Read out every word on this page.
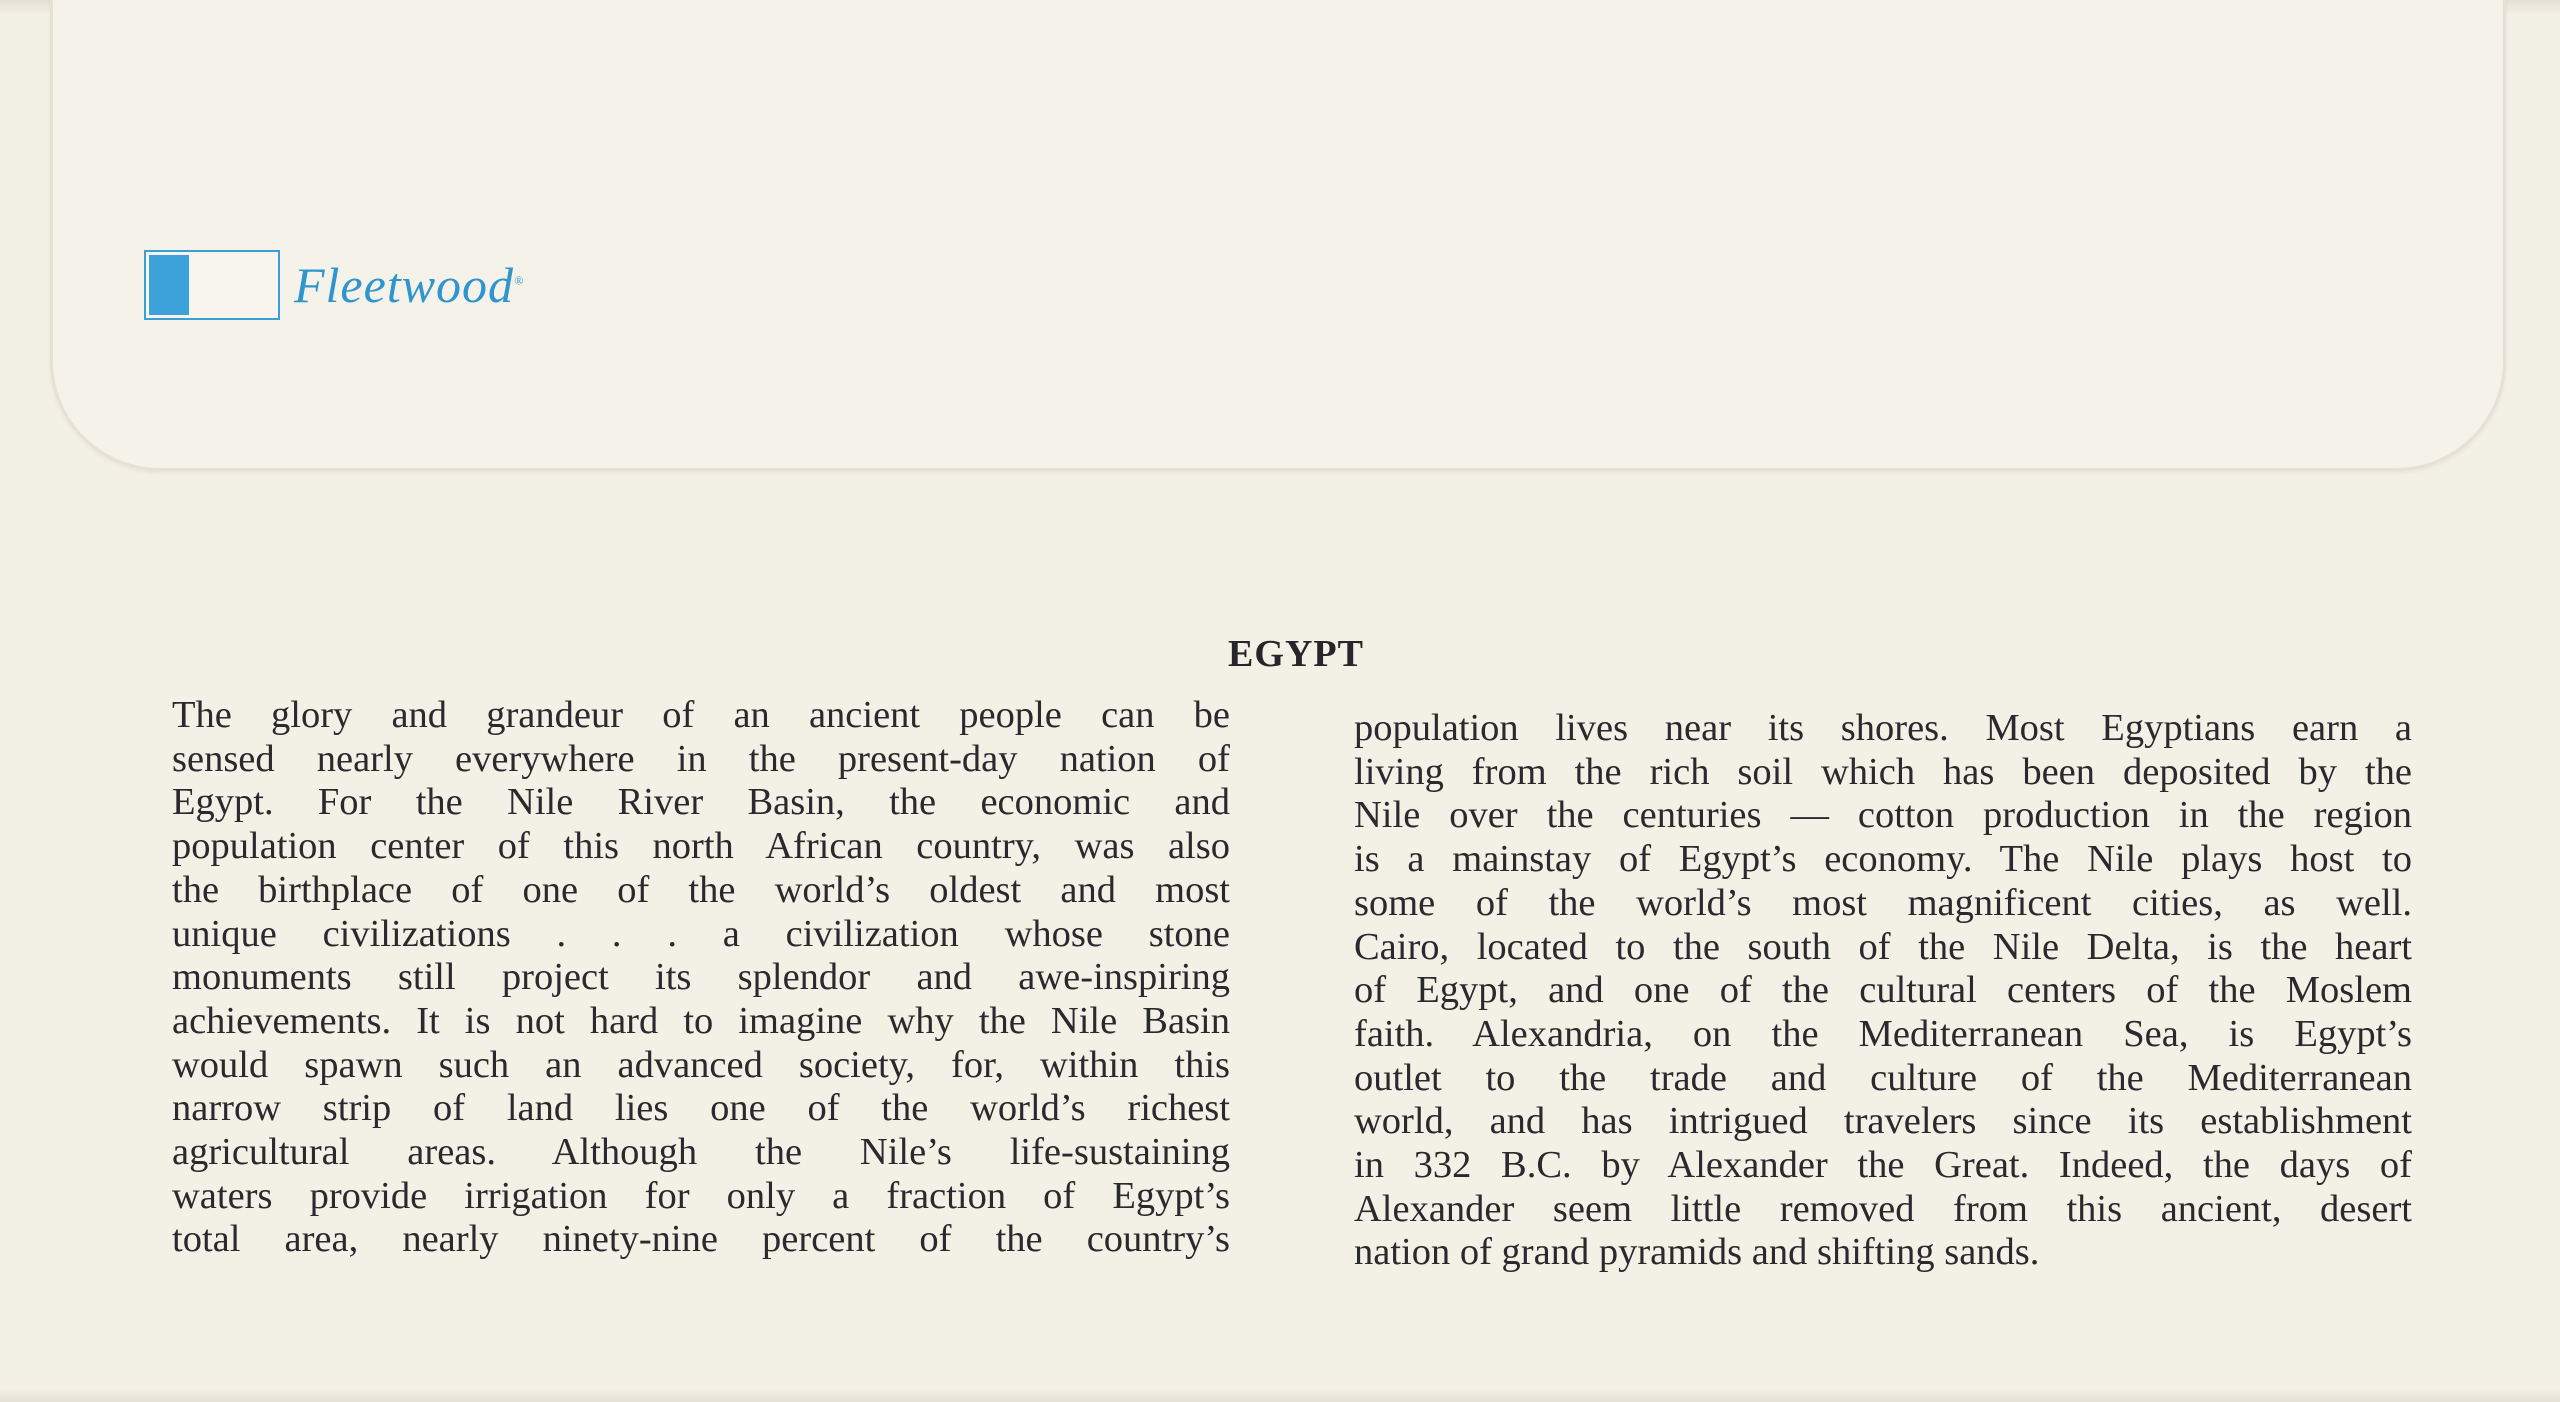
Fleetwood®
EGYPT
The glory and grandeur of an ancient people can be
sensed nearly everywhere in the present-day nation of
Egypt. For the Nile River Basin, the economic and
population center of this north African country, was also
the birthplace of one of the world’s oldest and most
unique civilizations . . . a civilization whose stone
monuments still project its splendor and awe-inspiring
achievements. It is not hard to imagine why the Nile Basin
would spawn such an advanced society, for, within this
narrow strip of land lies one of the world’s richest
agricultural areas. Although the Nile’s life-sustaining
waters provide irrigation for only a fraction of Egypt’s
total area, nearly ninety-nine percent of the country’s
population lives near its shores. Most Egyptians earn a
living from the rich soil which has been deposited by the
Nile over the centuries — cotton production in the region
is a mainstay of Egypt’s economy. The Nile plays host to
some of the world’s most magnificent cities, as well.
Cairo, located to the south of the Nile Delta, is the heart
of Egypt, and one of the cultural centers of the Moslem
faith. Alexandria, on the Mediterranean Sea, is Egypt’s
outlet to the trade and culture of the Mediterranean
world, and has intrigued travelers since its establishment
in 332 B.C. by Alexander the Great. Indeed, the days of
Alexander seem little removed from this ancient, desert
nation of grand pyramids and shifting sands.
